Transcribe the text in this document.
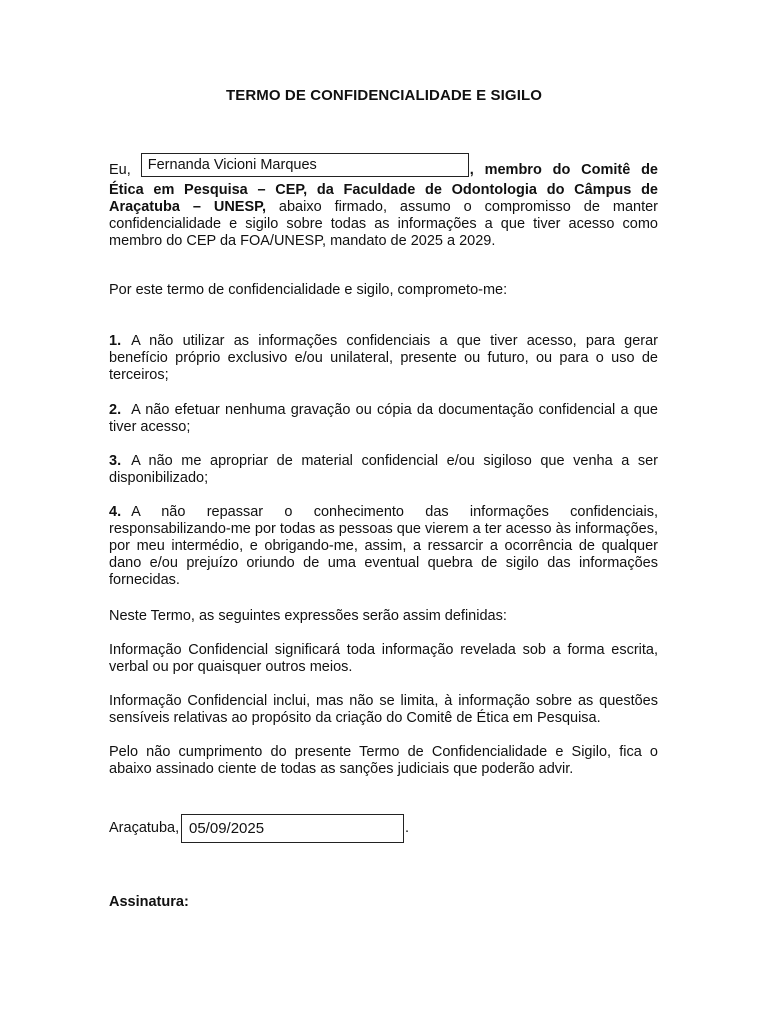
TERMO DE CONFIDENCIALIDADE E SIGILO
Eu, Fernanda Vicioni Marques	, membro do Comitê de Ética em Pesquisa – CEP, da Faculdade de Odontologia do Câmpus de Araçatuba – UNESP, abaixo firmado, assumo o compromisso de manter confidencialidade e sigilo sobre todas as informações a que tiver acesso como membro do CEP da FOA/UNESP, mandato de 2025 a 2029.
Por este termo de confidencialidade e sigilo, comprometo-me:
1. A não utilizar as informações confidenciais a que tiver acesso, para gerar benefício próprio exclusivo e/ou unilateral, presente ou futuro, ou para o uso de terceiros;
2. A não efetuar nenhuma gravação ou cópia da documentação confidencial a que tiver acesso;
3. A não me apropriar de material confidencial e/ou sigiloso que venha a ser disponibilizado;
4. A não repassar o conhecimento das informações confidenciais, responsabilizando-me por todas as pessoas que vierem a ter acesso às informações, por meu intermédio, e obrigando-me, assim, a ressarcir a ocorrência de qualquer dano e/ou prejuízo oriundo de uma eventual quebra de sigilo das informações fornecidas.
Neste Termo, as seguintes expressões serão assim definidas:
Informação Confidencial significará toda informação revelada sob a forma escrita, verbal ou por quaisquer outros meios.
Informação Confidencial inclui, mas não se limita, à informação sobre as questões sensíveis relativas ao propósito da criação do Comitê de Ética em Pesquisa.
Pelo não cumprimento do presente Termo de Confidencialidade e Sigilo, fica o abaixo assinado ciente de todas as sanções judiciais que poderão advir.
Araçatuba, 05/09/2025	.
Assinatura:
